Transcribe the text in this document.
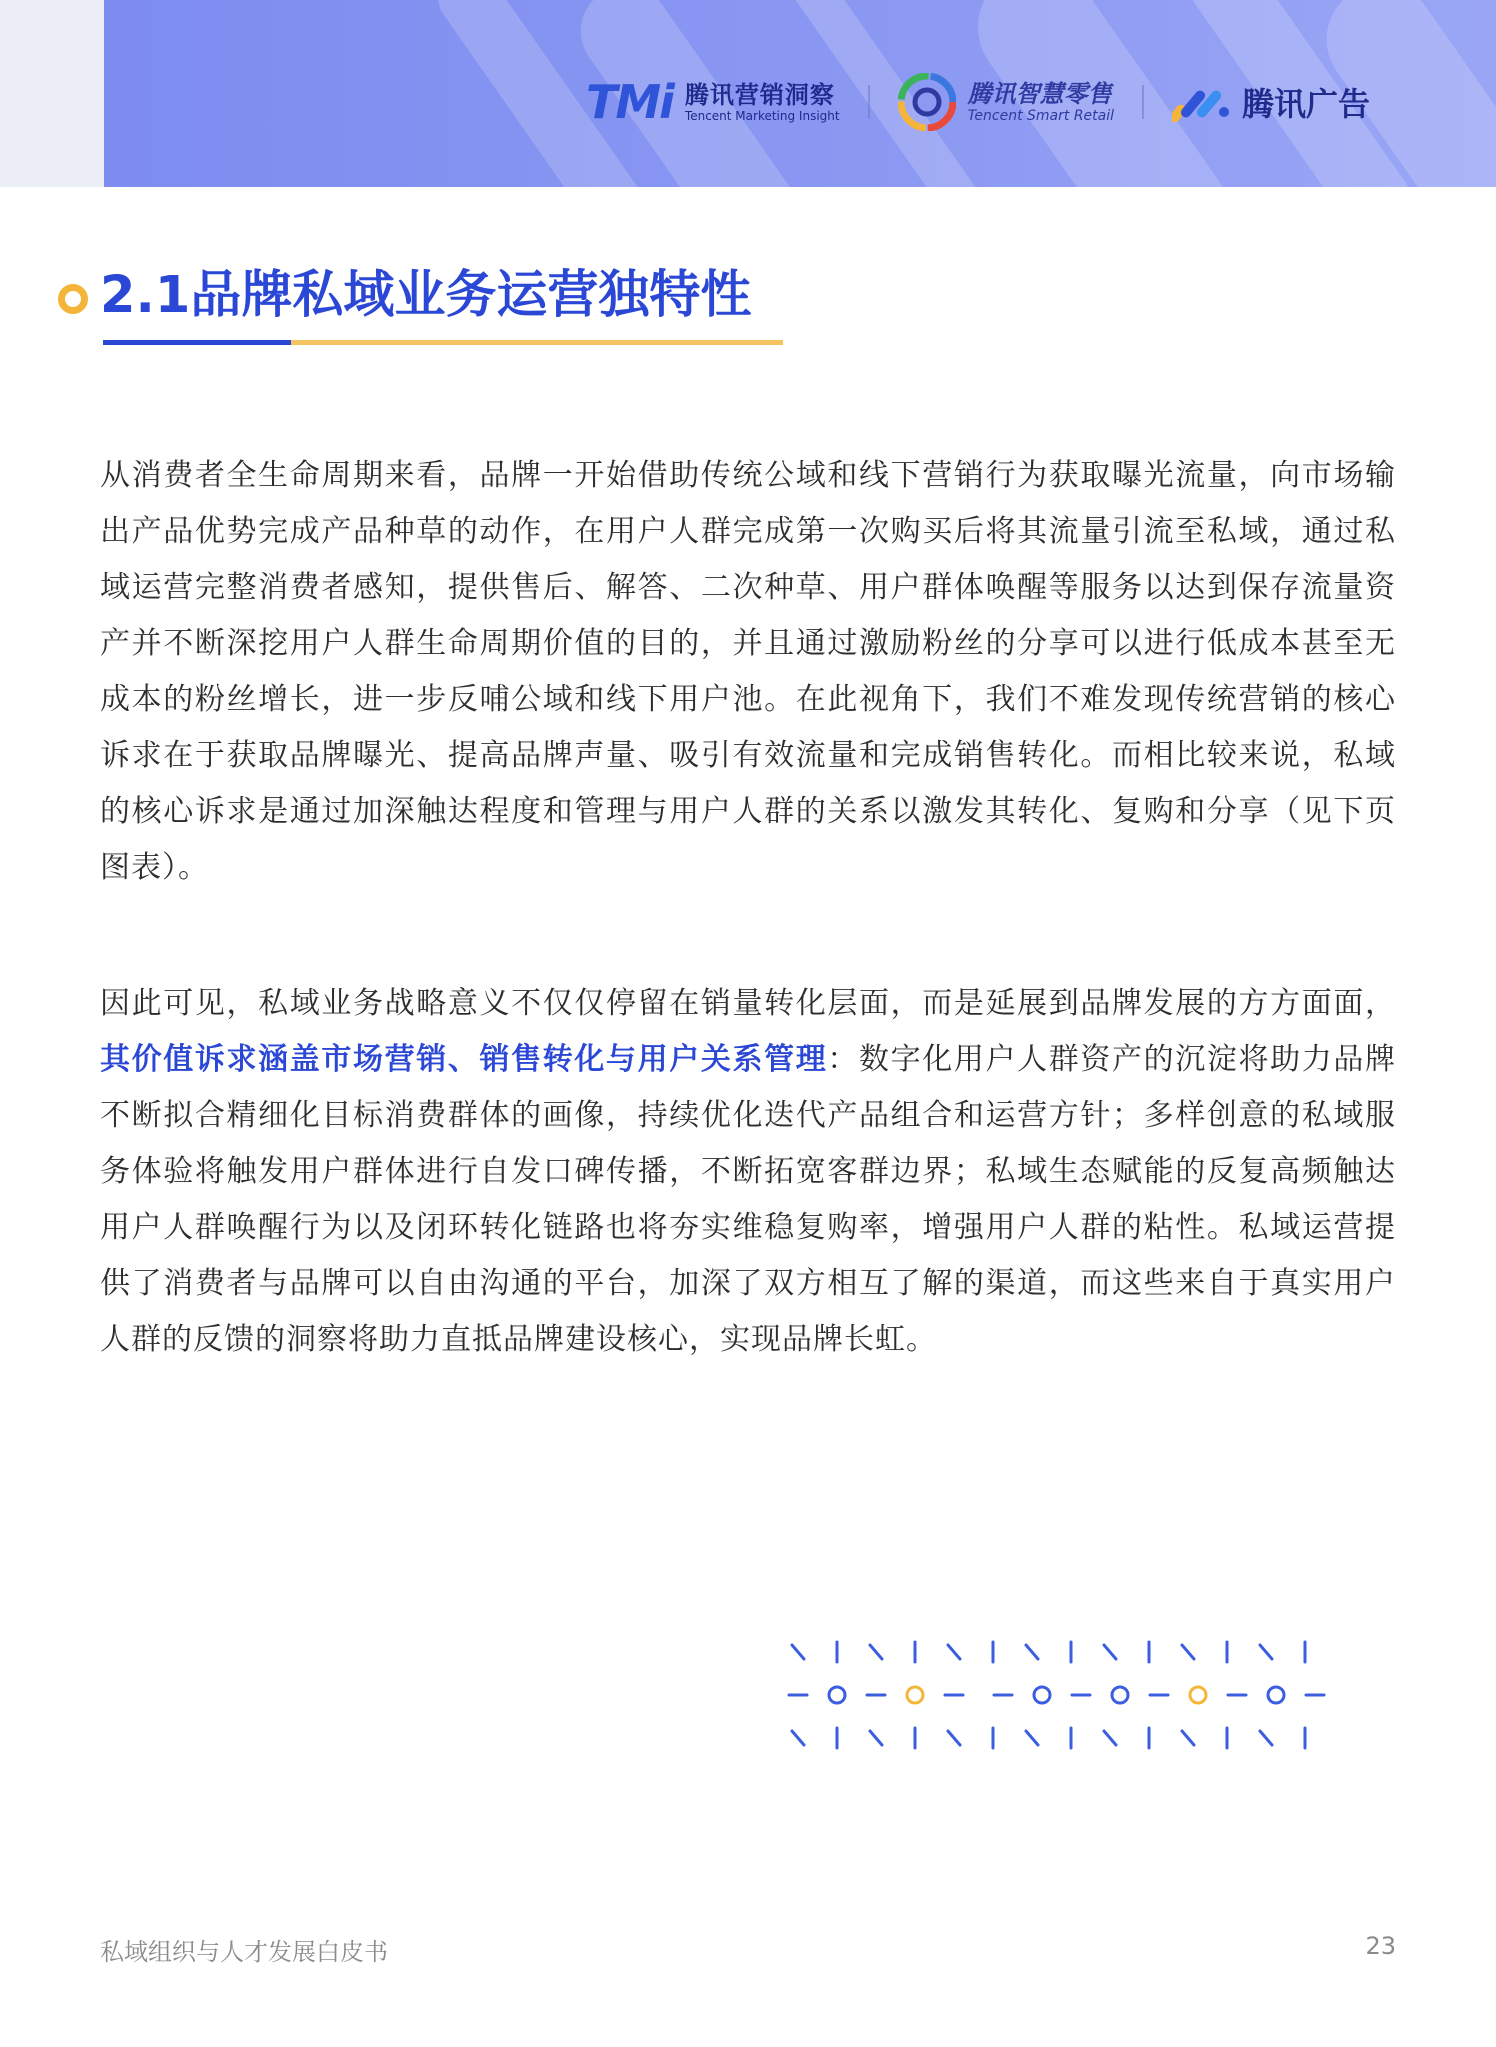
TMi 腾讯营销洞察
Tencent Marketing Insight
腾讯智慧零售
Tencent Smart Retail	腾讯广告
2.1品牌私域业务运营独特性
从消费者全生命周期来看，品牌一开始借助传统公域和线下营销行为获取曝光流量，向市场输出产品优势完成产品种草的动作，在用户人群完成第一次购买后将其流量引流至私域，通过私域运营完整消费者感知，提供售后、解答、二次种草、用户群体唤醒等服务以达到保存流量资产并不断深挖用户人群生命周期价值的目的，并且通过激励粉丝的分享可以进行低成本甚至无成本的粉丝增长，进一步反哺公域和线下用户池。在此视角下，我们不难发现传统营销的核心诉求在于获取品牌曝光、提高品牌声量、吸引有效流量和完成销售转化。而相比较来说，私域的核心诉求是通过加深触达程度和管理与用户人群的关系以激发其转化、复购和分享（见下页图表）。
因此可见，私域业务战略意义不仅仅停留在销量转化层面，而是延展到品牌发展的方方面面，其价值诉求涵盖市场营销、销售转化与用户关系管理：数字化用户人群资产的沉淀将助力品牌不断拟合精细化目标消费群体的画像，持续优化迭代产品组合和运营方针；多样创意的私域服务体验将触发用户群体进行自发口碑传播，不断拓宽客群边界；私域生态赋能的反复高频触达用户人群唤醒行为以及闭环转化链路也将夯实维稳复购率，增强用户人群的粘性。私域运营提供了消费者与品牌可以自由沟通的平台，加深了双方相互了解的渠道，而这些来自于真实用户人群的反馈的洞察将助力直抵品牌建设核心，实现品牌长虹。
私域组织与人才发展白皮书	23
